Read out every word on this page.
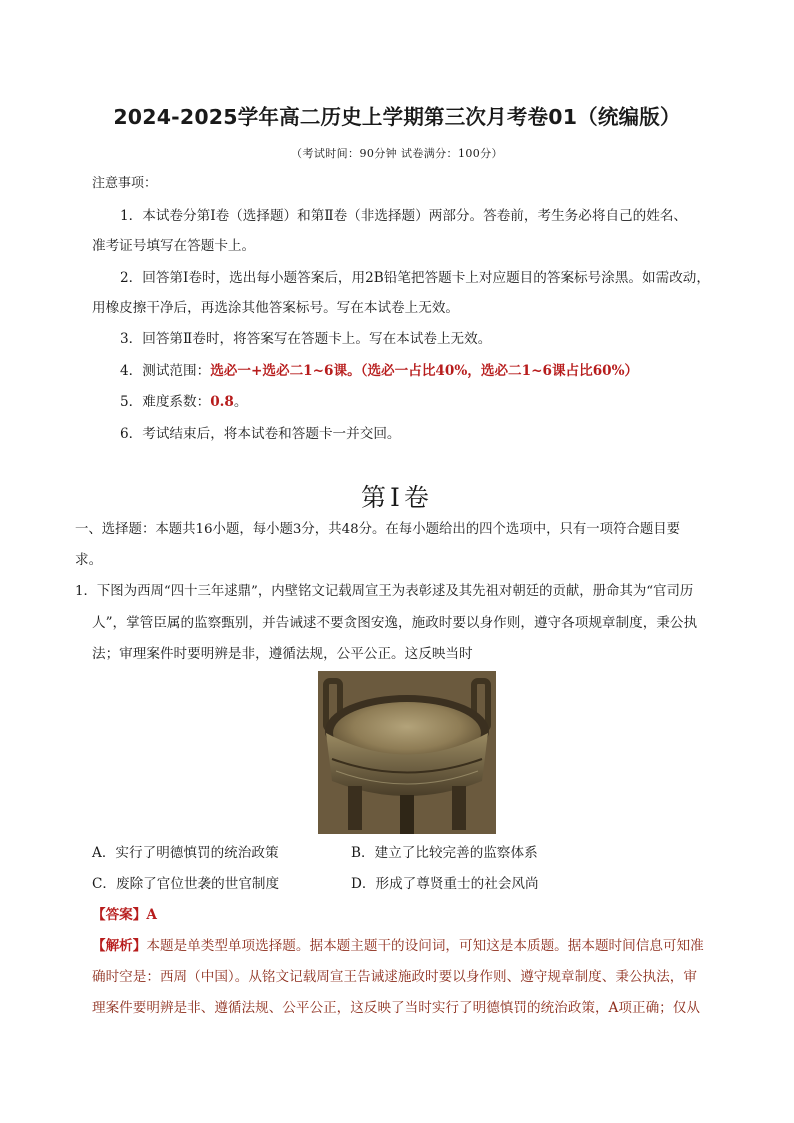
2024-2025学年高二历史上学期第三次月考卷01（统编版）
（考试时间：90分钟 试卷满分：100分）
注意事项：
1．本试卷分第Ⅰ卷（选择题）和第Ⅱ卷（非选择题）两部分。答卷前，考生务必将自己的姓名、
准考证号填写在答题卡上。
2．回答第Ⅰ卷时，选出每小题答案后，用2B铅笔把答题卡上对应题目的答案标号涂黑。如需改动，
用橡皮擦干净后，再选涂其他答案标号。写在本试卷上无效。
3．回答第Ⅱ卷时，将答案写在答题卡上。写在本试卷上无效。
4．测试范围：选必一+选必二1~6课。（选必一占比40%，选必二1~6课占比60%）
5．难度系数：0.8。
6．考试结束后，将本试卷和答题卡一并交回。
第Ⅰ卷
一、选择题：本题共16小题，每小题3分，共48分。在每小题给出的四个选项中，只有一项符合题目要
求。
1．下图为西周“四十三年逑鼎”，内壁铭文记载周宣王为表彰逑及其先祖对朝廷的贡献，册命其为“官司历
人”，掌管臣属的监察甄别，并告诫逑不要贪图安逸，施政时要以身作则，遵守各项规章制度，秉公执
法；审理案件时要明辨是非，遵循法规，公平公正。这反映当时
A．实行了明德慎罚的统治政策	B．建立了比较完善的监察体系
C．废除了官位世袭的世官制度	D．形成了尊贤重士的社会风尚
【答案】A
【解析】本题是单类型单项选择题。据本题主题干的设问词，可知这是本质题。据本题时间信息可知准
确时空是：西周（中国）。从铭文记载周宣王告诫逑施政时要以身作则、遵守规章制度、秉公执法，审
理案件要明辨是非、遵循法规、公平公正，这反映了当时实行了明德慎罚的统治政策，A项正确；仅从
